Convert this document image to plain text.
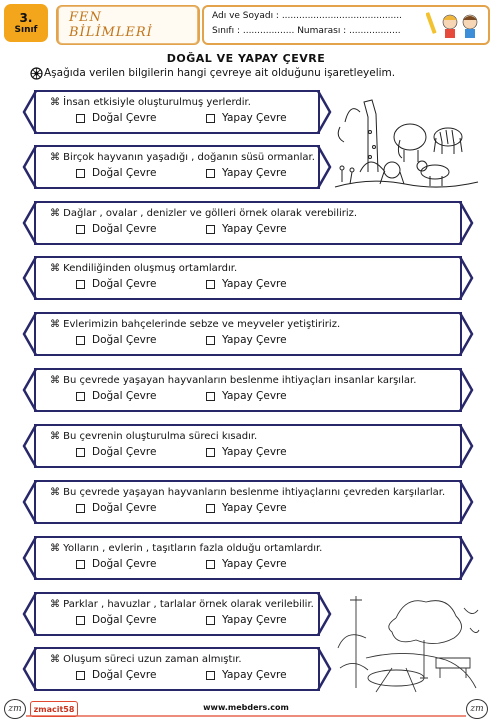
3.
Sınıf
FEN BİLİMLERİ
Adı ve Soyadı : ..........................................
Sınıfı : .................. Numarası : ..................
DOĞAL VE YAPAY ÇEVRE
Aşağıda verilen bilgilerin hangi çevreye ait olduğunu işaretleyelim.
⌘ İnsan etkisiyle oluşturulmuş yerlerdir.
Doğal Çevre	Yapay Çevre
⌘ Birçok hayvanın yaşadığı , doğanın süsü ormanlar.
Doğal Çevre	Yapay Çevre
⌘ Dağlar , ovalar , denizler ve gölleri örnek olarak verebiliriz.
Doğal Çevre	Yapay Çevre
⌘ Kendiliğinden oluşmuş ortamlardır.
Doğal Çevre	Yapay Çevre
⌘ Evlerimizin bahçelerinde sebze ve meyveler yetiştiririz.
Doğal Çevre	Yapay Çevre
⌘ Bu çevrede yaşayan hayvanların beslenme ihtiyaçları insanlar karşılar.
Doğal Çevre	Yapay Çevre
⌘ Bu çevrenin oluşturulma süreci kısadır.
Doğal Çevre	Yapay Çevre
⌘ Bu çevrede yaşayan hayvanların beslenme ihtiyaçlarını çevreden karşılarlar.
Doğal Çevre	Yapay Çevre
⌘ Yolların , evlerin , taşıtların fazla olduğu ortamlardır.
Doğal Çevre	Yapay Çevre
⌘ Parklar , havuzlar , tarlalar örnek olarak verilebilir.
Doğal Çevre	Yapay Çevre
⌘ Oluşum süreci uzun zaman almıştır.
Doğal Çevre	Yapay Çevre
zm	zmacit58	www.mebders.com	zm
